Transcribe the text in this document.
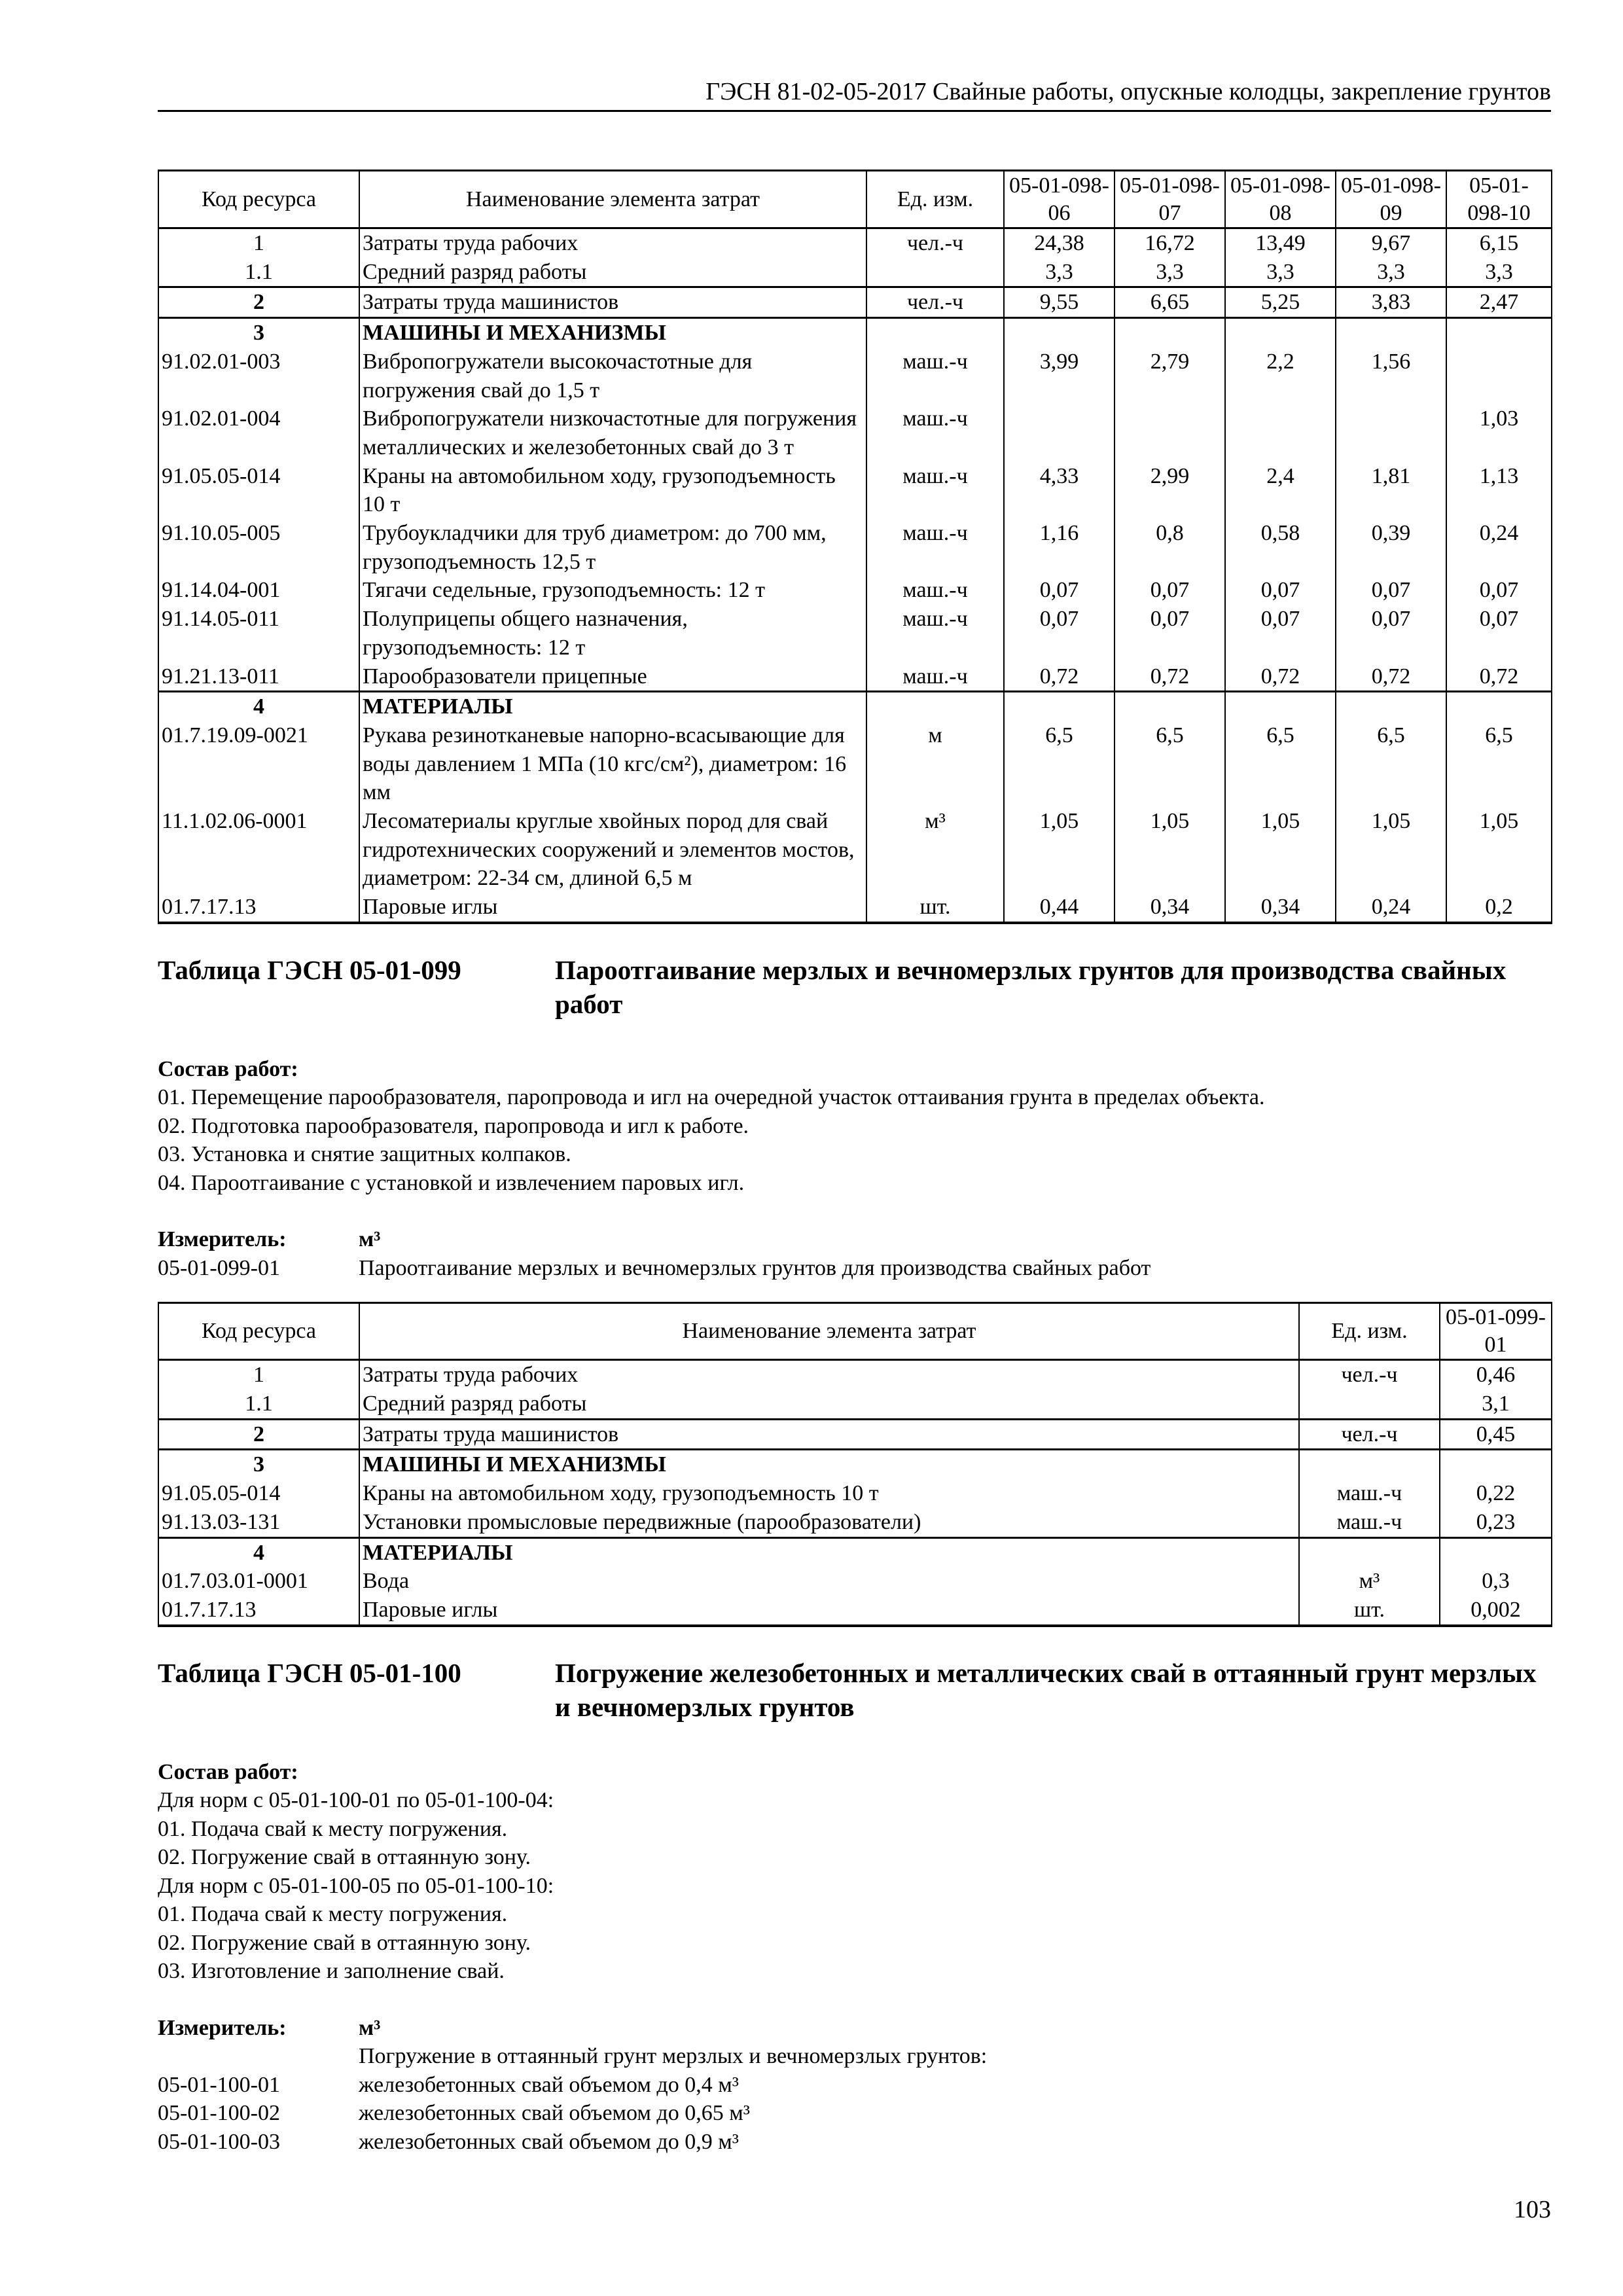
ГЭСН 81-02-05-2017 Свайные работы, опускные колодцы, закрепление грунтов
Код ресурса	Наименование элемента затрат	Ед. изм.	05-01-098-06	05-01-098-07	05-01-098-08	05-01-098-09	05-01-098-10
1	Затраты труда рабочих	чел.-ч	24,38	16,72	13,49	9,67	6,15
1.1	Средний разряд работы		3,3	3,3	3,3	3,3	3,3
2	Затраты труда машинистов	чел.-ч	9,55	6,65	5,25	3,83	2,47
3	МАШИНЫ И МЕХАНИЗМЫ						
91.02.01-003	Вибропогружатели высокочастотные для погружения свай до 1,5 т	маш.-ч	3,99	2,79	2,2	1,56	
91.02.01-004	Вибропогружатели низкочастотные для погружения металлических и железобетонных свай до 3 т	маш.-ч					1,03
91.05.05-014	Краны на автомобильном ходу, грузоподъемность 10 т	маш.-ч	4,33	2,99	2,4	1,81	1,13
91.10.05-005	Трубоукладчики для труб диаметром: до 700 мм, грузоподъемность 12,5 т	маш.-ч	1,16	0,8	0,58	0,39	0,24
91.14.04-001	Тягачи седельные, грузоподъемность: 12 т	маш.-ч	0,07	0,07	0,07	0,07	0,07
91.14.05-011	Полуприцепы общего назначения, грузоподъемность: 12 т	маш.-ч	0,07	0,07	0,07	0,07	0,07
91.21.13-011	Парообразователи прицепные	маш.-ч	0,72	0,72	0,72	0,72	0,72
4	МАТЕРИАЛЫ						
01.7.19.09-0021	Рукава резинотканевые напорно-всасывающие для воды давлением 1 МПа (10 кгс/см²), диаметром: 16 мм	м	6,5	6,5	6,5	6,5	6,5
11.1.02.06-0001	Лесоматериалы круглые хвойных пород для свай гидротехнических сооружений и элементов мостов, диаметром: 22-34 см, длиной 6,5 м	м³	1,05	1,05	1,05	1,05	1,05
01.7.17.13	Паровые иглы	шт.	0,44	0,34	0,34	0,24	0,2
Таблица ГЭСН 05-01-099	Пароотгаивание мерзлых и вечномерзлых грунтов для производства свайных работ
Состав работ:
01. Перемещение парообразователя, паропровода и игл на очередной участок оттаивания грунта в пределах объекта.
02. Подготовка парообразователя, паропровода и игл к работе.
03. Установка и снятие защитных колпаков.
04. Пароотгаивание с установкой и извлечением паровых игл.
Измеритель:	м³
05-01-099-01	Пароотгаивание мерзлых и вечномерзлых грунтов для производства свайных работ
Код ресурса	Наименование элемента затрат	Ед. изм.	05-01-099-01
1	Затраты труда рабочих	чел.-ч	0,46
1.1	Средний разряд работы		3,1
2	Затраты труда машинистов	чел.-ч	0,45
3	МАШИНЫ И МЕХАНИЗМЫ		
91.05.05-014	Краны на автомобильном ходу, грузоподъемность 10 т	маш.-ч	0,22
91.13.03-131	Установки промысловые передвижные (парообразователи)	маш.-ч	0,23
4	МАТЕРИАЛЫ		
01.7.03.01-0001	Вода	м³	0,3
01.7.17.13	Паровые иглы	шт.	0,002
Таблица ГЭСН 05-01-100	Погружение железобетонных и металлических свай в оттаянный грунт мерзлых и вечномерзлых грунтов
Состав работ:
Для норм с 05-01-100-01 по 05-01-100-04:
01. Подача свай к месту погружения.
02. Погружение свай в оттаянную зону.
Для норм с 05-01-100-05 по 05-01-100-10:
01. Подача свай к месту погружения.
02. Погружение свай в оттаянную зону.
03. Изготовление и заполнение свай.
Измеритель:	м³
Погружение в оттаянный грунт мерзлых и вечномерзлых грунтов:
05-01-100-01	железобетонных свай объемом до 0,4 м³
05-01-100-02	железобетонных свай объемом до 0,65 м³
05-01-100-03	железобетонных свай объемом до 0,9 м³
103
